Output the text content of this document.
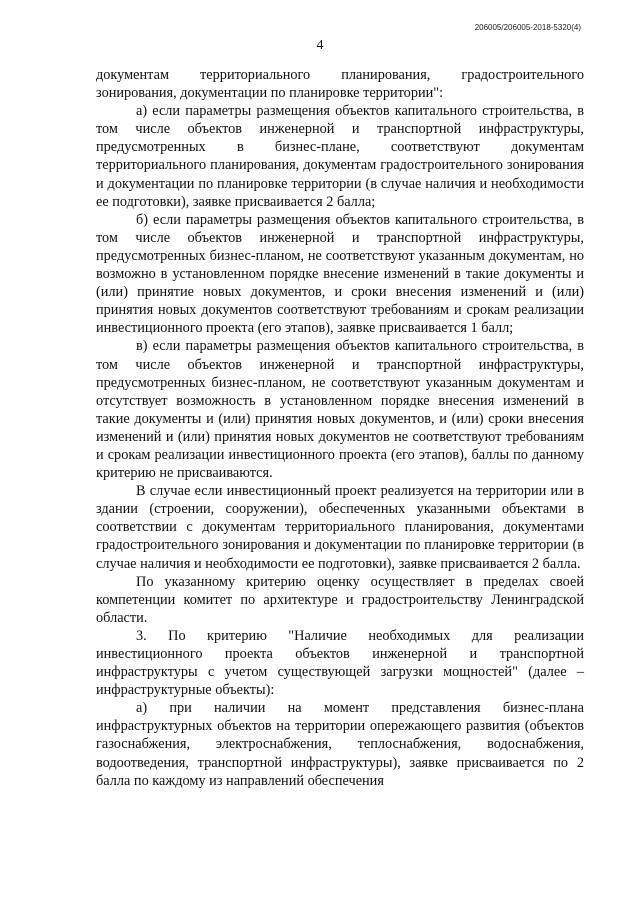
206005/206005-2018-5320(4)
4

документам территориального планирования, градостроительного зонирования, документации по планировке территории":

а) если параметры размещения объектов капитального строительства, в том числе объектов инженерной и транспортной инфраструктуры, предусмотренных в бизнес-плане, соответствуют документам территориального планирования, документам градостроительного зонирования и документации по планировке территории (в случае наличия и необходимости ее подготовки), заявке присваивается 2 балла;

б) если параметры размещения объектов капитального строительства, в том числе объектов инженерной и транспортной инфраструктуры, предусмотренных бизнес-планом, не соответствуют указанным документам, но возможно в установленном порядке внесение изменений в такие документы и (или) принятие новых документов, и сроки внесения изменений и (или) принятия новых документов соответствуют требованиям и срокам реализации инвестиционного проекта (его этапов), заявке присваивается 1 балл;

в) если параметры размещения объектов капитального строительства, в том числе объектов инженерной и транспортной инфраструктуры, предусмотренных бизнес-планом, не соответствуют указанным документам и отсутствует возможность в установленном порядке внесения изменений в такие документы и (или) принятия новых документов, и (или) сроки внесения изменений и (или) принятия новых документов не соответствуют требованиям и срокам реализации инвестиционного проекта (его этапов), баллы по данному критерию не присваиваются.

В случае если инвестиционный проект реализуется на территории или в здании (строении, сооружении), обеспеченных указанными объектами в соответствии с документам территориального планирования, документами градостроительного зонирования и документации по планировке территории (в случае наличия и необходимости ее подготовки), заявке присваивается 2 балла.

По указанному критерию оценку осуществляет в пределах своей компетенции комитет по архитектуре и градостроительству Ленинградской области.

3. По критерию "Наличие необходимых для реализации инвестиционного проекта объектов инженерной и транспортной инфраструктуры с учетом существующей загрузки мощностей" (далее – инфраструктурные объекты):

а) при наличии на момент представления бизнес-плана инфраструктурных объектов на территории опережающего развития (объектов газоснабжения, электроснабжения, теплоснабжения, водоснабжения, водоотведения, транспортной инфраструктуры), заявке присваивается по 2 балла по каждому из направлений обеспечения
